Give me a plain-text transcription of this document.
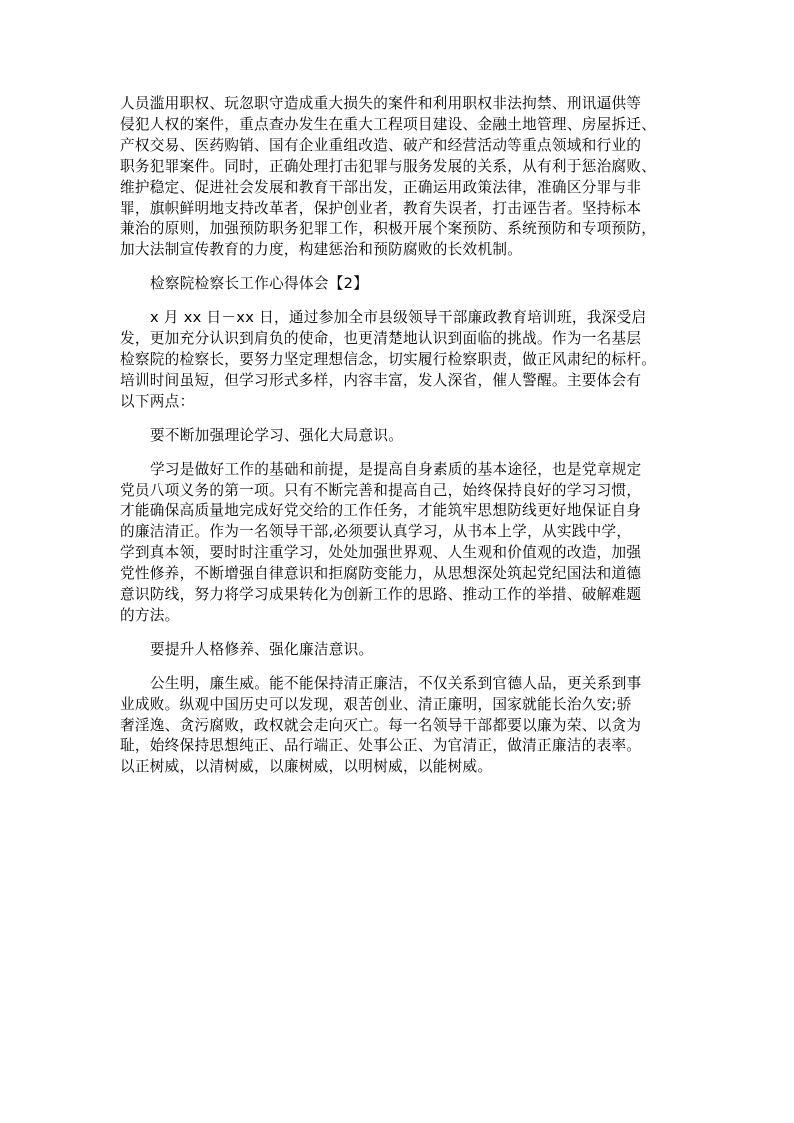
人员滥用职权、玩忽职守造成重大损失的案件和利用职权非法拘禁、刑讯逼供等
侵犯人权的案件，重点查办发生在重大工程项目建设、金融土地管理、房屋拆迁、
产权交易、医药购销、国有企业重组改造、破产和经营活动等重点领域和行业的
职务犯罪案件。同时，正确处理打击犯罪与服务发展的关系，从有利于惩治腐败、
维护稳定、促进社会发展和教育干部出发，正确运用政策法律，准确区分罪与非
罪，旗帜鲜明地支持改革者，保护创业者，教育失误者，打击诬告者。坚持标本
兼治的原则，加强预防职务犯罪工作，积极开展个案预防、系统预防和专项预防，
加大法制宣传教育的力度，构建惩治和预防腐败的长效机制。
检察院检察长工作心得体会【2】
x 月 xx 日－xx 日，通过参加全市县级领导干部廉政教育培训班，我深受启
发，更加充分认识到肩负的使命，也更清楚地认识到面临的挑战。作为一名基层
检察院的检察长，要努力坚定理想信念，切实履行检察职责，做正风肃纪的标杆。
培训时间虽短，但学习形式多样，内容丰富，发人深省，催人警醒。主要体会有
以下两点：
要不断加强理论学习、强化大局意识。
学习是做好工作的基础和前提，是提高自身素质的基本途径，也是党章规定
党员八项义务的第一项。只有不断完善和提高自己，始终保持良好的学习习惯，
才能确保高质量地完成好党交给的工作任务，才能筑牢思想防线更好地保证自身
的廉洁清正。作为一名领导干部,必须要认真学习，从书本上学，从实践中学，
学到真本领，要时时注重学习，处处加强世界观、人生观和价值观的改造，加强
党性修养，不断增强自律意识和拒腐防变能力，从思想深处筑起党纪国法和道德
意识防线，努力将学习成果转化为创新工作的思路、推动工作的举措、破解难题
的方法。
要提升人格修养、强化廉洁意识。
公生明，廉生威。能不能保持清正廉洁，不仅关系到官德人品，更关系到事
业成败。纵观中国历史可以发现，艰苦创业、清正廉明，国家就能长治久安;骄
奢淫逸、贪污腐败，政权就会走向灭亡。每一名领导干部都要以廉为荣、以贪为
耻，始终保持思想纯正、品行端正、处事公正、为官清正，做清正廉洁的表率。
以正树威，以清树威，以廉树威，以明树威，以能树威。
